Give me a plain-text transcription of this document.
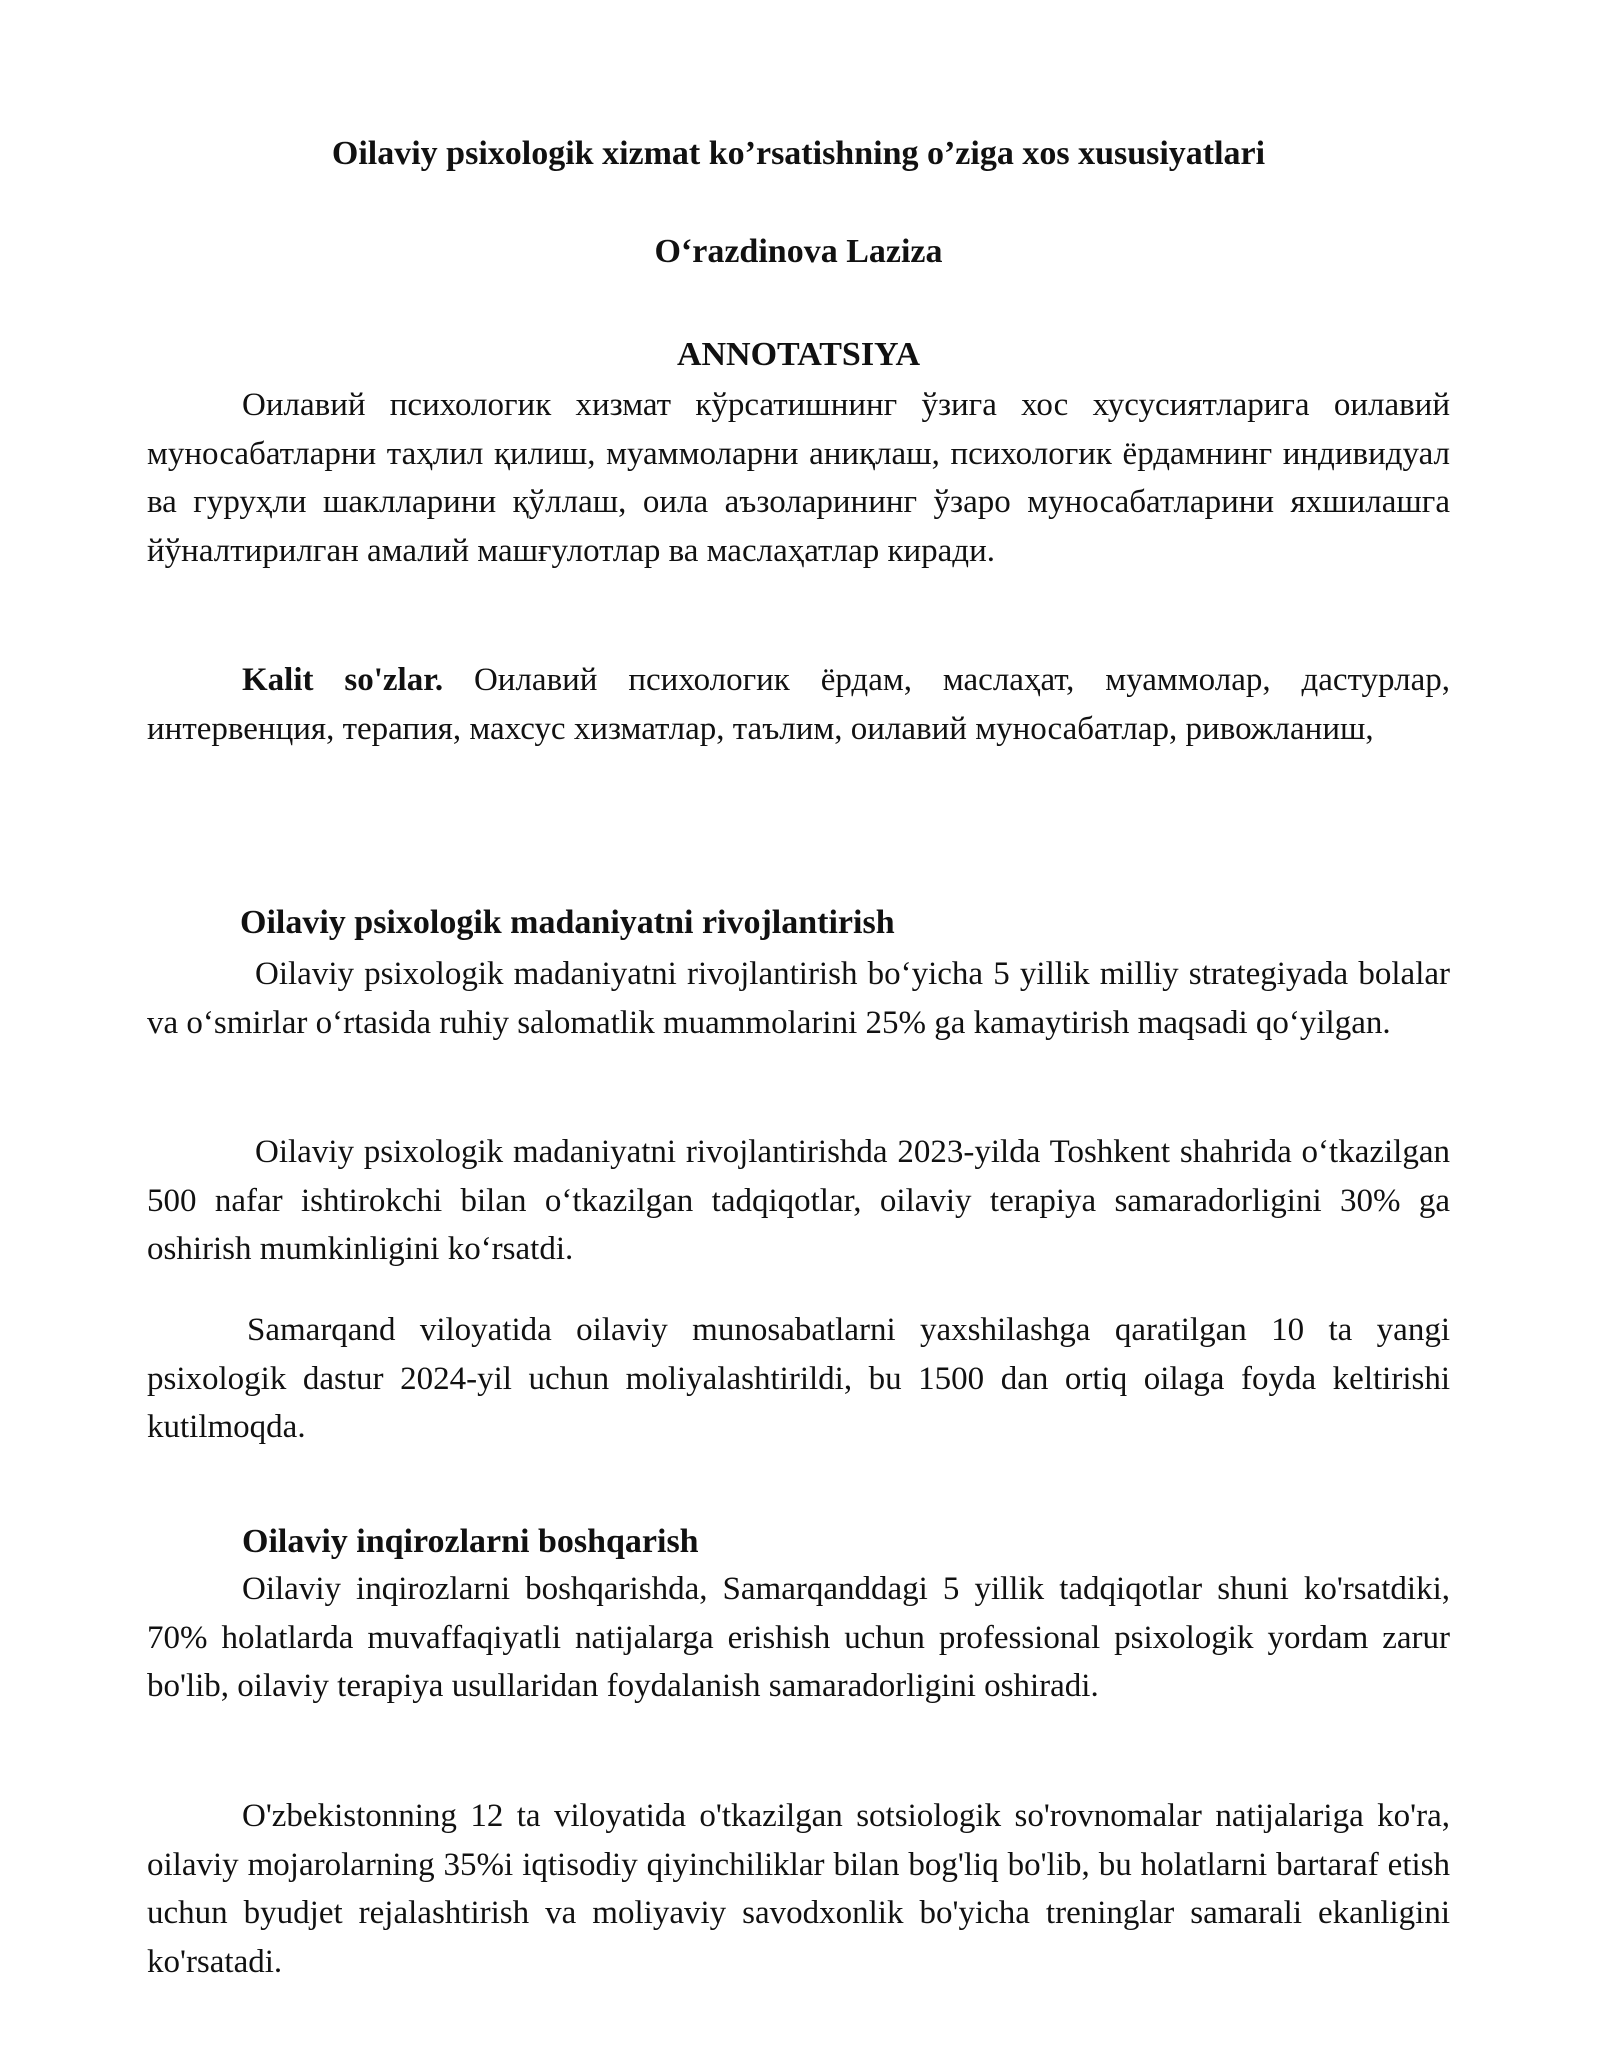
Oilaviy psixologik xizmat ko’rsatishning o’ziga xos xususiyatlari

O‘razdinova Laziza

ANNOTATSIYA

Оилавий психологик хизмат кўрсатишнинг ўзига хос хусусиятларига оилавий муносабатларни таҳлил қилиш, муаммоларни аниқлаш, психологик ёрдамнинг индивидуал ва гуруҳли шаклларини қўллаш, оила аъзоларининг ўзаро муносабатларини яхшилашга йўналтирилган амалий машғулотлар ва маслаҳатлар киради.

Kalit so'zlar. Оилавий психологик ёрдам, маслаҳат, муаммолар, дастурлар, интервенция, терапия, махсус хизматлар, таълим, оилавий муносабатлар, ривожланиш,

Oilaviy psixologik madaniyatni rivojlantirish

Oilaviy psixologik madaniyatni rivojlantirish bo‘yicha 5 yillik milliy strategiyada bolalar va o‘smirlar o‘rtasida ruhiy salomatlik muammolarini 25% ga kamaytirish maqsadi qo‘yilgan.

Oilaviy psixologik madaniyatni rivojlantirishda 2023-yilda Toshkent shahrida o‘tkazilgan 500 nafar ishtirokchi bilan o‘tkazilgan tadqiqotlar, oilaviy terapiya samaradorligini 30% ga oshirish mumkinligini ko‘rsatdi.

Samarqand viloyatida oilaviy munosabatlarni yaxshilashga qaratilgan 10 ta yangi psixologik dastur 2024-yil uchun moliyalashtirildi, bu 1500 dan ortiq oilaga foyda keltirishi kutilmoqda.

Oilaviy inqirozlarni boshqarish

Oilaviy inqirozlarni boshqarishda, Samarqanddagi 5 yillik tadqiqotlar shuni ko'rsatdiki, 70% holatlarda muvaffaqiyatli natijalarga erishish uchun professional psixologik yordam zarur bo'lib, oilaviy terapiya usullaridan foydalanish samaradorligini oshiradi.

O'zbekistonning 12 ta viloyatida o'tkazilgan sotsiologik so'rovnomalar natijalariga ko'ra, oilaviy mojarolarning 35%i iqtisodiy qiyinchiliklar bilan bog'liq bo'lib, bu holatlarni bartaraf etish uchun byudjet rejalashtirish va moliyaviy savodxonlik bo'yicha treninglar samarali ekanligini ko'rsatadi.
